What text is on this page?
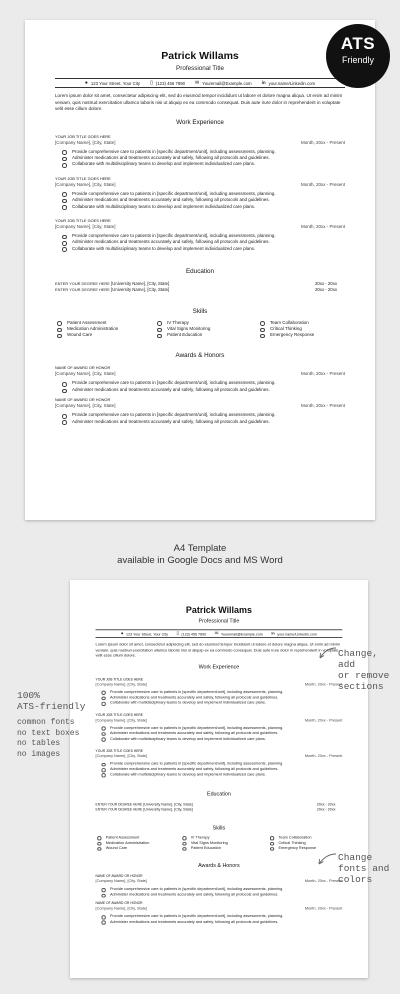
ATS
Friendly
Patrick Willams
Professional Title
● 123 Your Street, Your City ▯ (123) 456 7890 ✉ Youremail@Example.com in your.name/Linkedin.com
Lorem ipsum dolor sit amet, consectetur adipiscing elit, sed do eiusmod tempor incididunt ut labore et dolore magna aliqua. Ut enim ad minim veniam, quis nostrud exercitation ullamco laboris nisi ut aliquip ex ea commodo consequat. Duis aute irure dolor in reprehenderit in voluptate velit esse cillum dolore.
Work Experience
YOUR JOB TITLE GOES HERE
[Company Name], [City, State]	Month, 20xx - Present
Provide comprehensive care to patients in [specific department/unit], including assessments, planning.
Administer medications and treatments accurately and safely, following all protocols and guidelines.
Collaborate with multidisciplinary teams to develop and implement individualized care plans.
YOUR JOB TITLE GOES HERE
[Company Name], [City, State]	Month, 20xx - Present
Provide comprehensive care to patients in [specific department/unit], including assessments, planning.
Administer medications and treatments accurately and safely, following all protocols and guidelines.
Collaborate with multidisciplinary teams to develop and implement individualized care plans.
YOUR JOB TITLE GOES HERE
[Company Name], [City, State]	Month, 20xx - Present
Provide comprehensive care to patients in [specific department/unit], including assessments, planning.
Administer medications and treatments accurately and safely, following all protocols and guidelines.
Collaborate with multidisciplinary teams to develop and implement individualized care plans.
Education
ENTER YOUR DEGREE HERE [University Name], [City, State]	20xx - 20xx
ENTER YOUR DEGREE HERE [University Name], [City, State]	20xx - 20xx
Skills
Patient Assessment	IV Therapy	Team Collaboration
Medication Administration	Vital Signs Monitoring	Critical Thinking
Wound Care	Patient Education	Emergency Response
Awards & Honors
NAME OF AWARD OR HONOR
[Company Name], [City, State]	Month, 20xx - Present
Provide comprehensive care to patients in [specific department/unit], including assessments, planning.
Administer medications and treatments accurately and safely, following all protocols and guidelines.
NAME OF AWARD OR HONOR
[Company Name], [City, State]	Month, 20xx - Present
Provide comprehensive care to patients in [specific department/unit], including assessments, planning.
Administer medications and treatments accurately and safely, following all protocols and guidelines.
A4 Template
available in Google Docs and MS Word
Patrick Willams
Professional Title
● 123 Your Street, Your City ▯ (123) 456 7890 ✉ Youremail@Example.com in your.name/Linkedin.com
Lorem ipsum dolor sit amet, consectetur adipiscing elit, sed do eiusmod tempor incididunt ut labore et dolore magna aliqua. Ut enim ad minim veniam, quis nostrud exercitation ullamco laboris nisi ut aliquip ex ea commodo consequat. Duis aute irure dolor in reprehenderit in voluptate velit esse cillum dolore.
Work Experience
YOUR JOB TITLE GOES HERE
[Company Name], [City, State]	Month, 20xx - Present
Provide comprehensive care to patients in [specific department/unit], including assessments, planning.
Administer medications and treatments accurately and safely, following all protocols and guidelines.
Collaborate with multidisciplinary teams to develop and implement individualized care plans.
YOUR JOB TITLE GOES HERE
[Company Name], [City, State]	Month, 20xx - Present
Provide comprehensive care to patients in [specific department/unit], including assessments, planning.
Administer medications and treatments accurately and safely, following all protocols and guidelines.
Collaborate with multidisciplinary teams to develop and implement individualized care plans.
YOUR JOB TITLE GOES HERE
[Company Name], [City, State]	Month, 20xx - Present
Provide comprehensive care to patients in [specific department/unit], including assessments, planning.
Administer medications and treatments accurately and safely, following all protocols and guidelines.
Collaborate with multidisciplinary teams to develop and implement individualized care plans.
Education
ENTER YOUR DEGREE HERE [University Name], [City, State]	20xx - 20xx
ENTER YOUR DEGREE HERE [University Name], [City, State]	20xx - 20xx
Skills
Patient Assessment	IV Therapy	Team Collaboration
Medication Administration	Vital Signs Monitoring	Critical Thinking
Wound Care	Patient Education	Emergency Response
Awards & Honors
NAME OF AWARD OR HONOR
[Company Name], [City, State]	Month, 20xx - Present
Provide comprehensive care to patients in [specific department/unit], including assessments, planning.
Administer medications and treatments accurately and safely, following all protocols and guidelines.
NAME OF AWARD OR HONOR
[Company Name], [City, State]	Month, 20xx - Present
Provide comprehensive care to patients in [specific department/unit], including assessments, planning.
Administer medications and treatments accurately and safely, following all protocols and guidelines.
100%
ATS-friendly
common fonts
no text boxes
no tables
no images
Change, add
or remove
sections
Change
fonts and
colors
